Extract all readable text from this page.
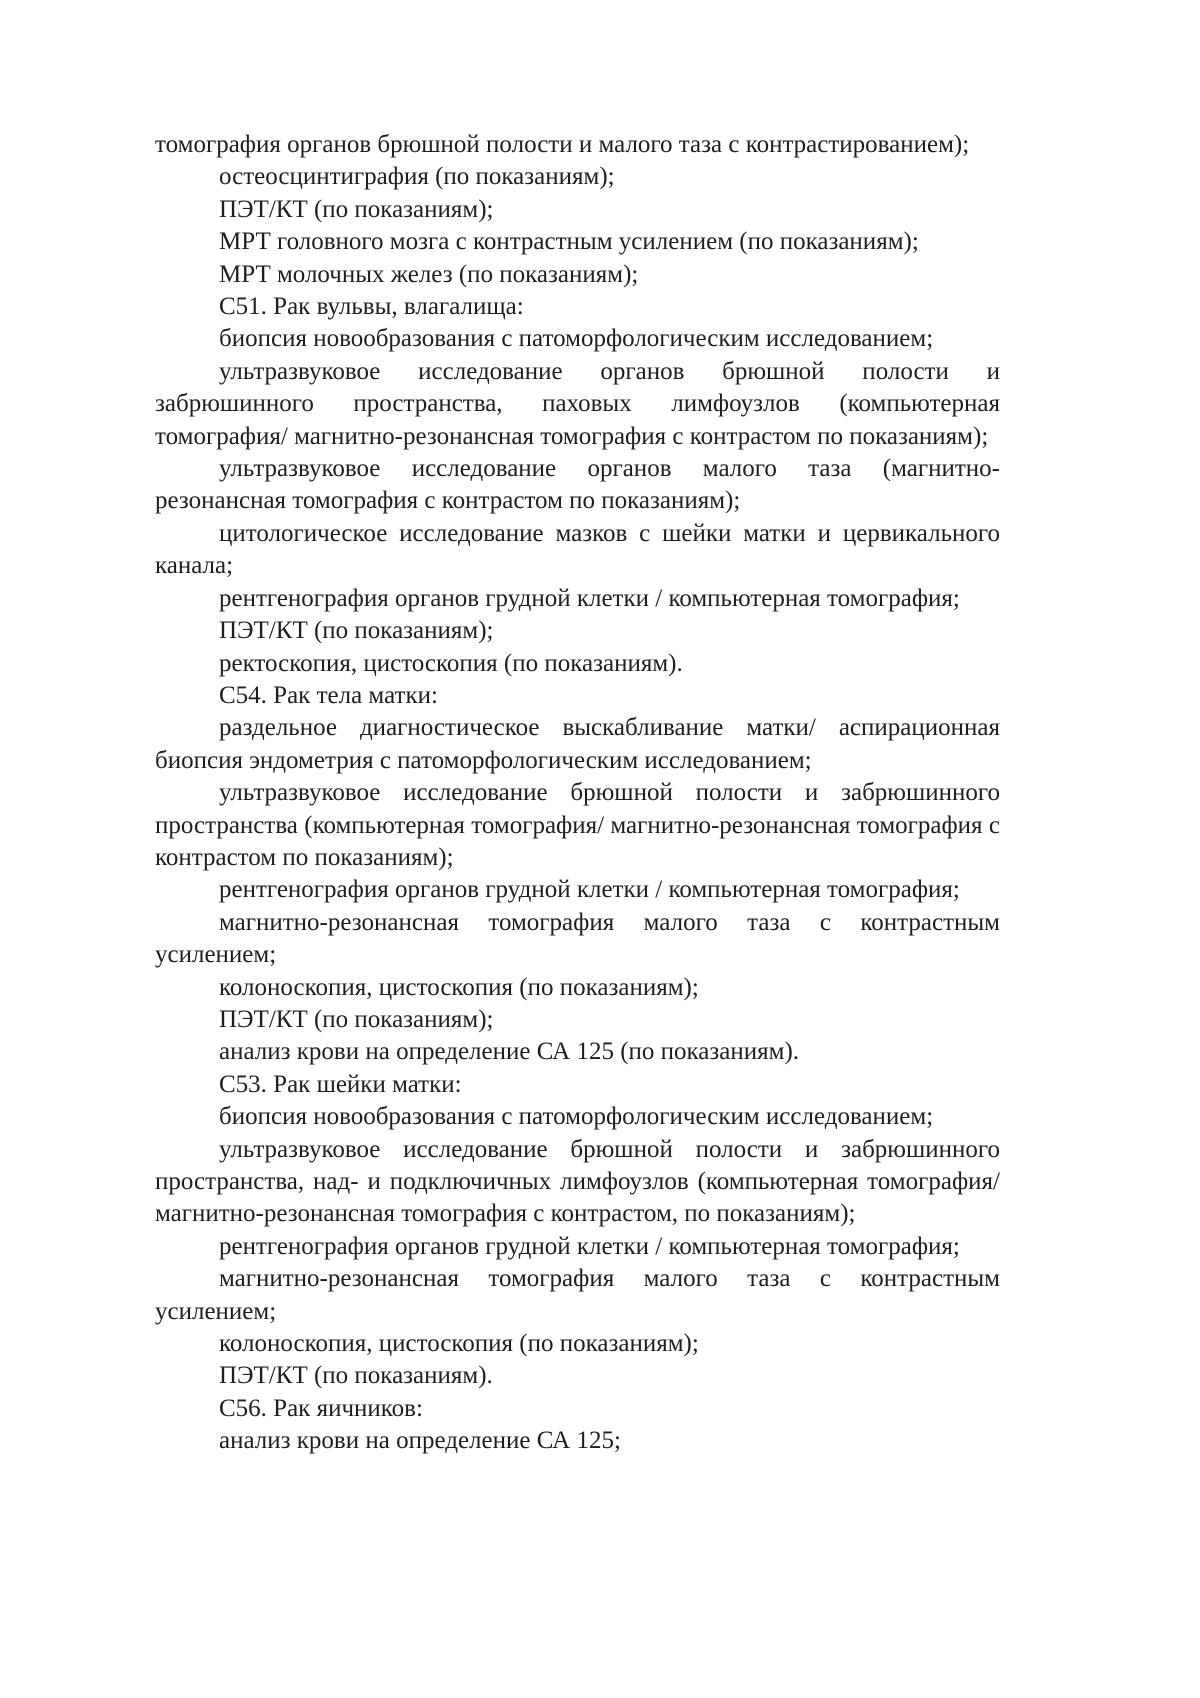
томография органов брюшной полости и малого таза с контрастированием);

остеосцинтиграфия (по показаниям);

ПЭТ/КТ (по показаниям);

МРТ головного мозга с контрастным усилением (по показаниям);

МРТ молочных желез (по показаниям);

С51. Рак вульвы, влагалища:

биопсия новообразования с патоморфологическим исследованием;

ультразвуковое исследование органов брюшной полости и забрюшинного пространства, паховых лимфоузлов (компьютерная томография/ магнитно-резонансная томография с контрастом по показаниям);

ультразвуковое исследование органов малого таза (магнитно-резонансная томография с контрастом по показаниям);

цитологическое исследование мазков с шейки матки и цервикального канала;

рентгенография органов грудной клетки / компьютерная томография;

ПЭТ/КТ (по показаниям);

ректоскопия, цистоскопия (по показаниям).

С54. Рак тела матки:

раздельное диагностическое выскабливание матки/ аспирационная биопсия эндометрия с патоморфологическим исследованием;

ультразвуковое исследование брюшной полости и забрюшинного пространства (компьютерная томография/ магнитно-резонансная томография с контрастом по показаниям);

рентгенография органов грудной клетки / компьютерная томография;

магнитно-резонансная томография малого таза с контрастным усилением;

колоноскопия, цистоскопия (по показаниям);

ПЭТ/КТ (по показаниям);

анализ крови на определение СА 125 (по показаниям).

С53. Рак шейки матки:

биопсия новообразования с патоморфологическим исследованием;

ультразвуковое исследование брюшной полости и забрюшинного пространства, над- и подключичных лимфоузлов (компьютерная томография/ магнитно-резонансная томография с контрастом, по показаниям);

рентгенография органов грудной клетки / компьютерная томография;

магнитно-резонансная томография малого таза с контрастным усилением;

колоноскопия, цистоскопия (по показаниям);

ПЭТ/КТ (по показаниям).

С56. Рак яичников:

анализ крови на определение СА 125;
